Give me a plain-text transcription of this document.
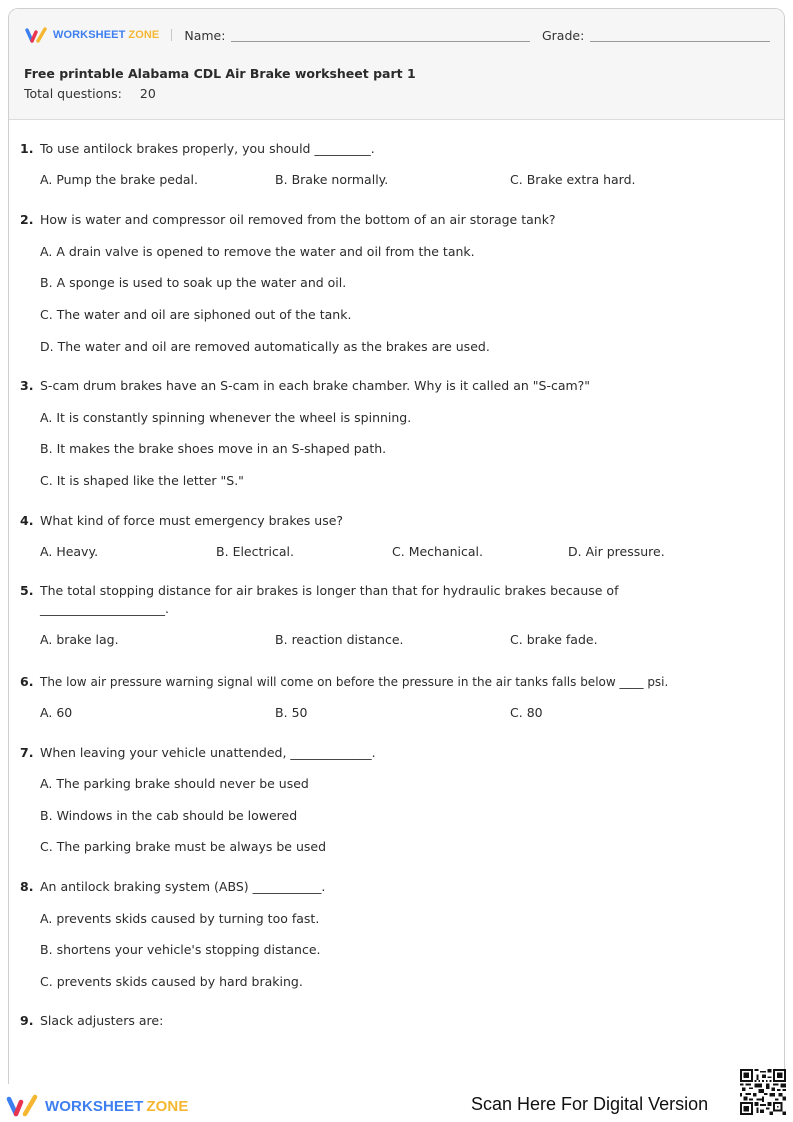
WORKSHEET ZONE Name:	Grade:
Free printable Alabama CDL Air Brake worksheet part 1
Total questions: 20
1. To use antilock brakes properly, you should _________.
A. Pump the brake pedal.	B. Brake normally.	C. Brake extra hard.
2. How is water and compressor oil removed from the bottom of an air storage tank?
A. A drain valve is opened to remove the water and oil from the tank.
B. A sponge is used to soak up the water and oil.
C. The water and oil are siphoned out of the tank.
D. The water and oil are removed automatically as the brakes are used.
3. S-cam drum brakes have an S-cam in each brake chamber. Why is it called an "S-cam?"
A. It is constantly spinning whenever the wheel is spinning.
B. It makes the brake shoes move in an S-shaped path.
C. It is shaped like the letter "S."
4. What kind of force must emergency brakes use?
A. Heavy.	B. Electrical.	C. Mechanical.	D. Air pressure.
5. The total stopping distance for air brakes is longer than that for hydraulic brakes because of ____________________.
A. brake lag.	B. reaction distance.	C. brake fade.
6. The low air pressure warning signal will come on before the pressure in the air tanks falls below ____ psi.
A. 60	B. 50	C. 80
7. When leaving your vehicle unattended, _____________.
A. The parking brake should never be used
B. Windows in the cab should be lowered
C. The parking brake must be always be used
8. An antilock braking system (ABS) ___________.
A. prevents skids caused by turning too fast.
B. shortens your vehicle's stopping distance.
C. prevents skids caused by hard braking.
9. Slack adjusters are:
WORKSHEET ZONE	Scan Here For Digital Version
